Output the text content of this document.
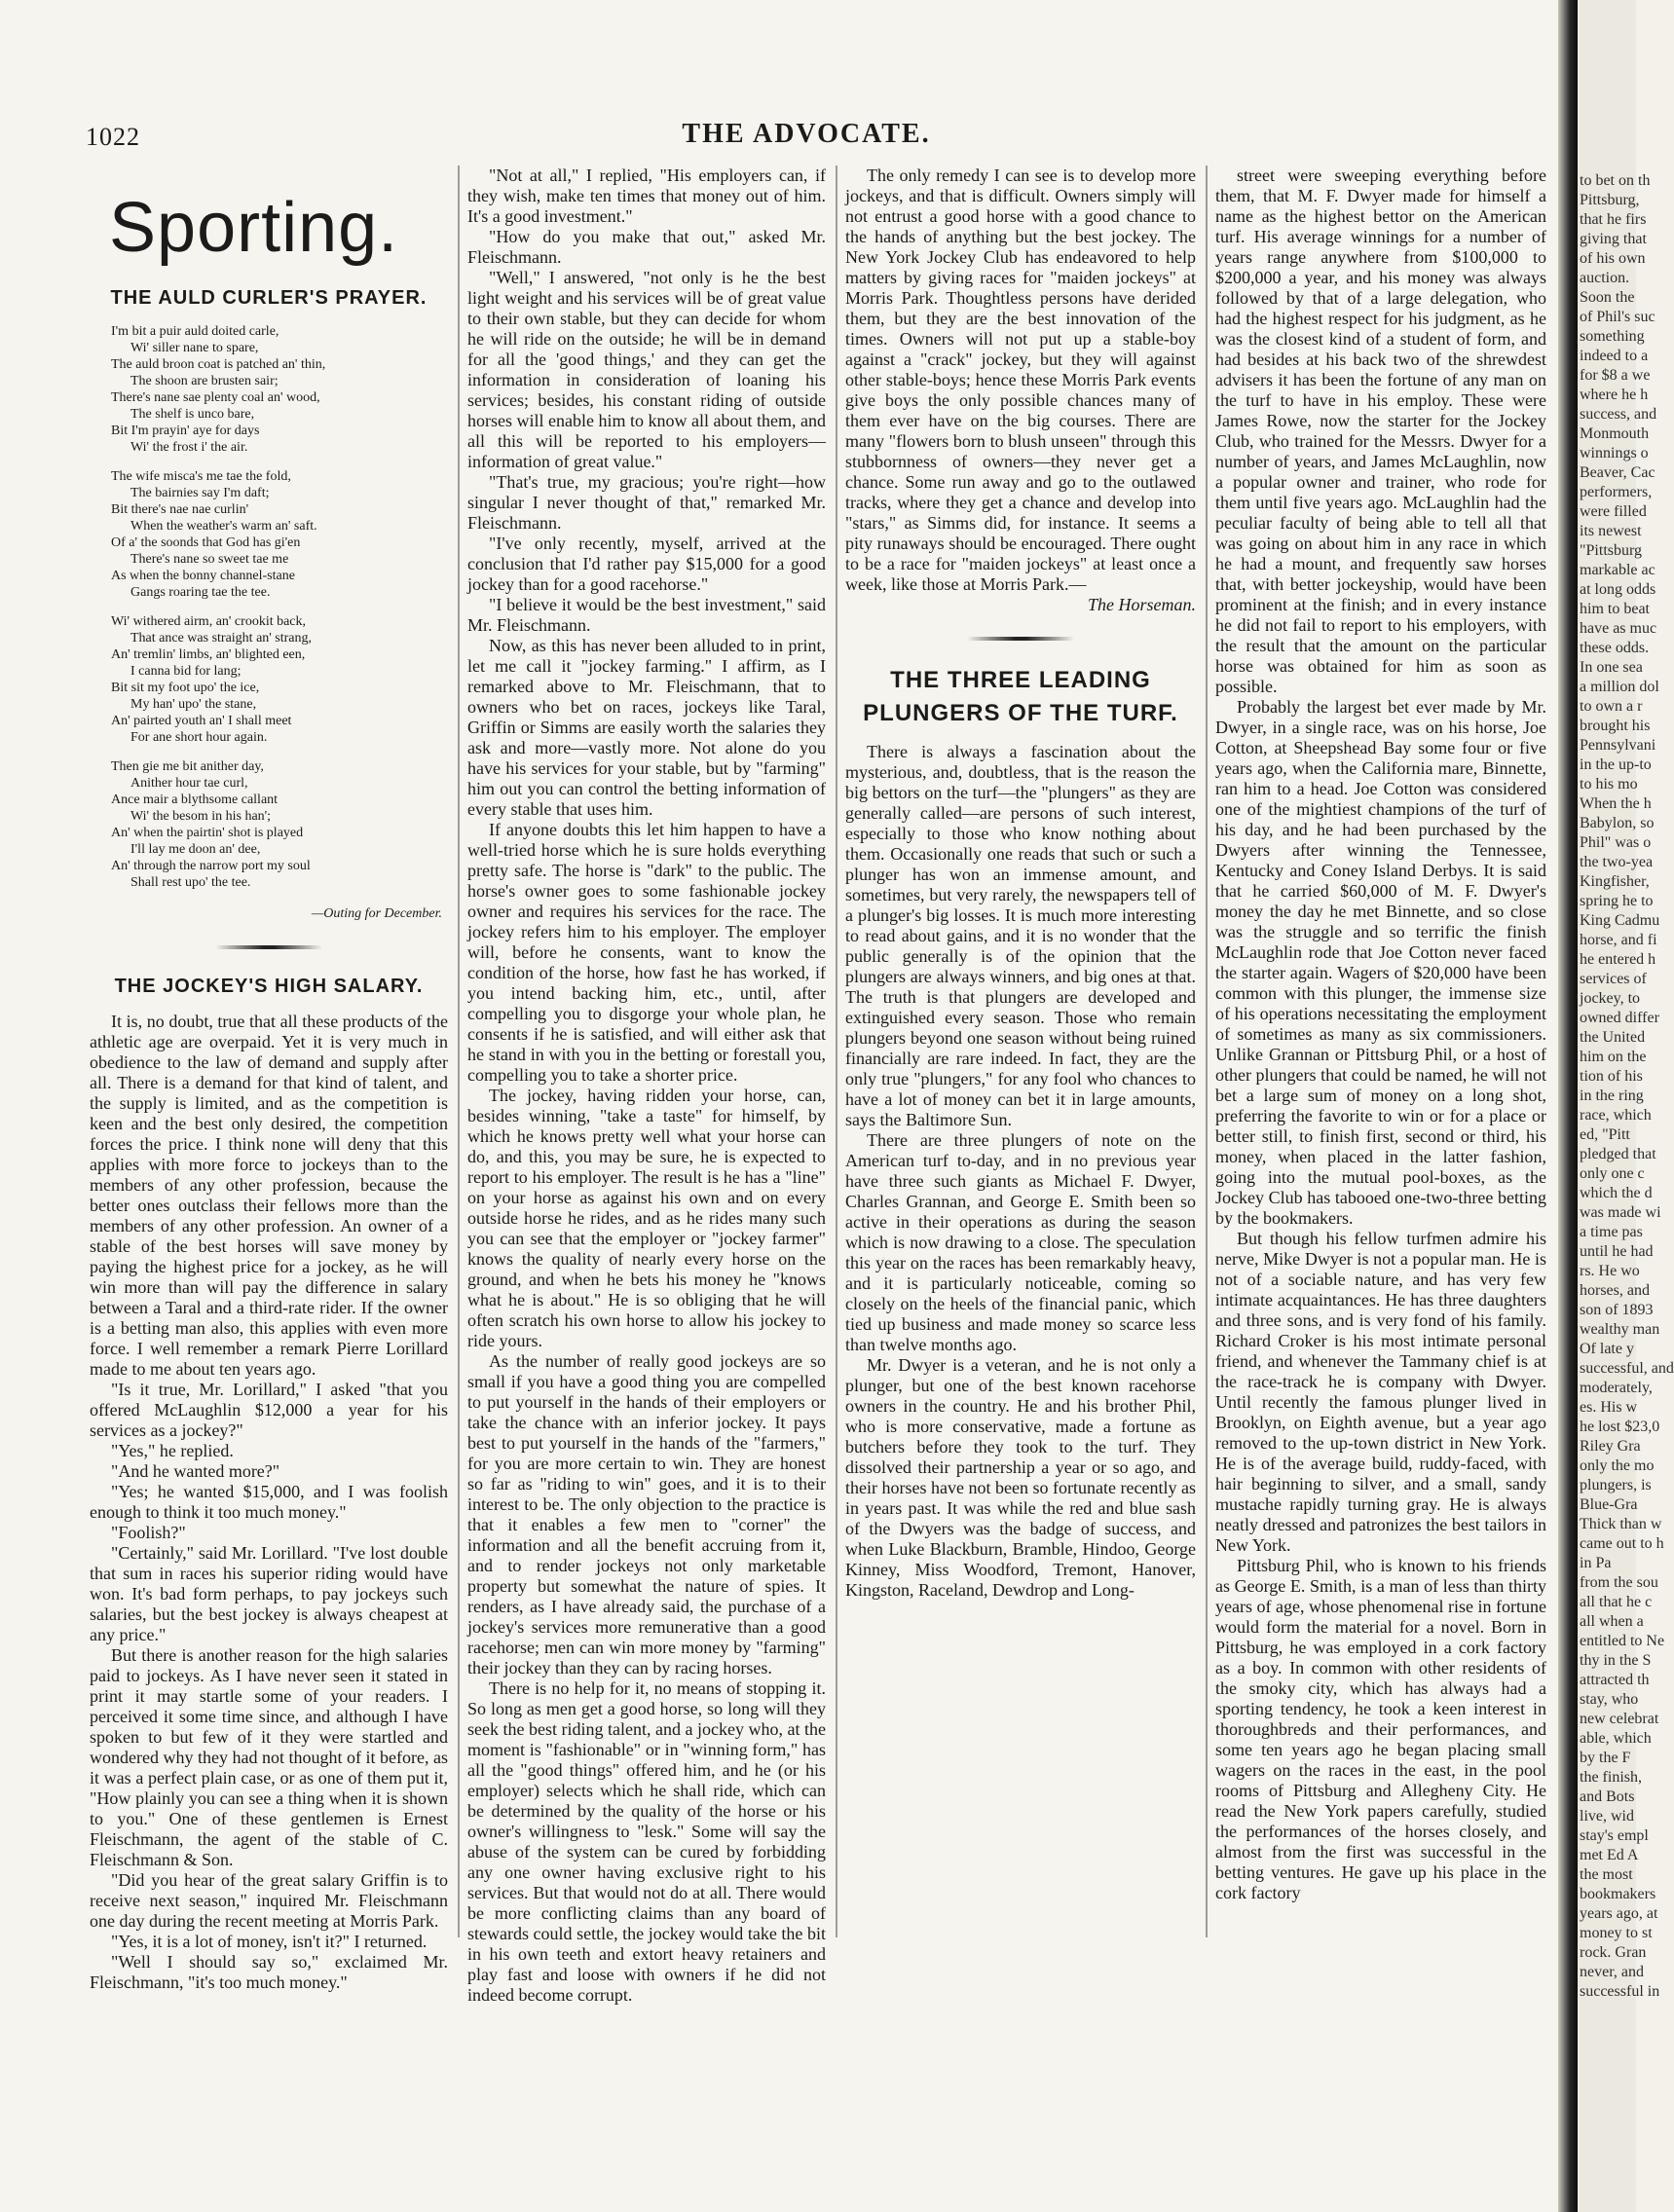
1022	THE ADVOCATE.
Sporting.
THE AULD CURLER'S PRAYER.
I'm bit a puir auld doited carle,
Wi' siller nane to spare,
The auld broon coat is patched an' thin,
The shoon are brusten sair;
There's nane sae plenty coal an' wood,
The shelf is unco bare,
Bit I'm prayin' aye for days
Wi' the frost i' the air.
The wife misca's me tae the fold,
The bairnies say I'm daft;
Bit there's nae nae curlin'
When the weather's warm an' saft.
Of a' the soonds that God has gi'en
There's nane so sweet tae me
As when the bonny channel-stane
Gangs roaring tae the tee.
Wi' withered airm, an' crookit back,
That ance was straight an' strang,
An' tremlin' limbs, an' blighted een,
I canna bid for lang;
Bit sit my foot upo' the ice,
My han' upo' the stane,
An' pairted youth an' I shall meet
For ane short hour again.
Then gie me bit anither day,
Anither hour tae curl,
Ance mair a blythsome callant
Wi' the besom in his han';
An' when the pairtin' shot is played
I'll lay me doon an' dee,
An' through the narrow port my soul
Shall rest upo' the tee.
—Outing for December.
THE JOCKEY'S HIGH SALARY.

It is, no doubt, true that all these products of the athletic age are overpaid. Yet it is very much in obedience to the law of demand and supply after all. There is a demand for that kind of talent, and the supply is limited, and as the competition is keen and the best only desired, the competition forces the price. I think none will deny that this applies with more force to jockeys than to the members of any other profession, because the better ones outclass their fellows more than the members of any other profession. An owner of a stable of the best horses will save money by paying the highest price for a jockey, as he will win more than will pay the difference in salary between a Taral and a third-rate rider. If the owner is a betting man also, this applies with even more force. I well remember a remark Pierre Lorillard made to me about ten years ago.

"Is it true, Mr. Lorillard," I asked "that you offered McLaughlin $12,000 a year for his services as a jockey?"

"Yes," he replied.

"And he wanted more?"

"Yes; he wanted $15,000, and I was foolish enough to think it too much money."

"Foolish?"

"Certainly," said Mr. Lorillard. "I've lost double that sum in races his superior riding would have won. It's bad form perhaps, to pay jockeys such salaries, but the best jockey is always cheapest at any price."

But there is another reason for the high salaries paid to jockeys. As I have never seen it stated in print it may startle some of your readers. I perceived it some time since, and although I have spoken to but few of it they were startled and wondered why they had not thought of it before, as it was a perfect plain case, or as one of them put it, "How plainly you can see a thing when it is shown to you." One of these gentlemen is Ernest Fleischmann, the agent of the stable of C. Fleischmann & Son.

"Did you hear of the great salary Griffin is to receive next season," inquired Mr. Fleischmann one day during the recent meeting at Morris Park.

"Yes, it is a lot of money, isn't it?" I returned.

"Well I should say so," exclaimed Mr. Fleischmann, "it's too much money."

"Not at all," I replied, "His employers can, if they wish, make ten times that money out of him. It's a good investment."

"How do you make that out," asked Mr. Fleischmann.

"Well," I answered, "not only is he the best light weight and his services will be of great value to their own stable, but they can decide for whom he will ride on the outside; he will be in demand for all the 'good things,' and they can get the information in consideration of loaning his services; besides, his constant riding of outside horses will enable him to know all about them, and all this will be reported to his employers—information of great value."

"That's true, my gracious; you're right—how singular I never thought of that," remarked Mr. Fleischmann.

"I've only recently, myself, arrived at the conclusion that I'd rather pay $15,000 for a good jockey than for a good racehorse."

"I believe it would be the best investment," said Mr. Fleischmann.

Now, as this has never been alluded to in print, let me call it "jockey farming." I affirm, as I remarked above to Mr. Fleischmann, that to owners who bet on races, jockeys like Taral, Griffin or Simms are easily worth the salaries they ask and more—vastly more. Not alone do you have his services for your stable, but by "farming" him out you can control the betting information of every stable that uses him.

If anyone doubts this let him happen to have a well-tried horse which he is sure holds everything pretty safe. The horse is "dark" to the public. The horse's owner goes to some fashionable jockey owner and requires his services for the race. The jockey refers him to his employer. The employer will, before he consents, want to know the condition of the horse, how fast he has worked, if you intend backing him, etc., until, after compelling you to disgorge your whole plan, he consents if he is satisfied, and will either ask that he stand in with you in the betting or forestall you, compelling you to take a shorter price.

The jockey, having ridden your horse, can, besides winning, "take a taste" for himself, by which he knows pretty well what your horse can do, and this, you may be sure, he is expected to report to his employer. The result is he has a "line" on your horse as against his own and on every outside horse he rides, and as he rides many such you can see that the employer or "jockey farmer" knows the quality of nearly every horse on the ground, and when he bets his money he "knows what he is about." He is so obliging that he will often scratch his own horse to allow his jockey to ride yours.

As the number of really good jockeys are so small if you have a good thing you are compelled to put yourself in the hands of their employers or take the chance with an inferior jockey. It pays best to put yourself in the hands of the "farmers," for you are more certain to win. They are honest so far as "riding to win" goes, and it is to their interest to be. The only objection to the practice is that it enables a few men to "corner" the information and all the benefit accruing from it, and to render jockeys not only marketable property but somewhat the nature of spies. It renders, as I have already said, the purchase of a jockey's services more remunerative than a good racehorse; men can win more money by "farming" their jockey than they can by racing horses.

There is no help for it, no means of stopping it. So long as men get a good horse, so long will they seek the best riding talent, and a jockey who, at the moment is "fashionable" or in "winning form," has all the "good things" offered him, and he (or his employer) selects which he shall ride, which can be determined by the quality of the horse or his owner's willingness to "lesk." Some will say the abuse of the system can be cured by forbidding any one owner having exclusive right to his services. But that would not do at all. There would be more conflicting claims than any board of stewards could settle, the jockey would take the bit in his own teeth and extort heavy retainers and play fast and loose with owners if he did not indeed become corrupt.

The only remedy I can see is to develop more jockeys, and that is difficult. Owners simply will not entrust a good horse with a good chance to the hands of anything but the best jockey. The New York Jockey Club has endeavored to help matters by giving races for "maiden jockeys" at Morris Park. Thoughtless persons have derided them, but they are the best innovation of the times. Owners will not put up a stable-boy against a "crack" jockey, but they will against other stable-boys; hence these Morris Park events give boys the only possible chances many of them ever have on the big courses. There are many "flowers born to blush unseen" through this stubbornness of owners—they never get a chance. Some run away and go to the outlawed tracks, where they get a chance and develop into "stars," as Simms did, for instance. It seems a pity runaways should be encouraged. There ought to be a race for "maiden jockeys" at least once a week, like those at Morris Park.—

The Horseman.

THE THREE LEADING PLUNGERS OF THE TURF.

There is always a fascination about the mysterious, and, doubtless, that is the reason the big bettors on the turf—the "plungers" as they are generally called—are persons of such interest, especially to those who know nothing about them. Occasionally one reads that such or such a plunger has won an immense amount, and sometimes, but very rarely, the newspapers tell of a plunger's big losses. It is much more interesting to read about gains, and it is no wonder that the public generally is of the opinion that the plungers are always winners, and big ones at that. The truth is that plungers are developed and extinguished every season. Those who remain plungers beyond one season without being ruined financially are rare indeed. In fact, they are the only true "plungers," for any fool who chances to have a lot of money can bet it in large amounts, says the Baltimore Sun.

There are three plungers of note on the American turf to-day, and in no previous year have three such giants as Michael F. Dwyer, Charles Grannan, and George E. Smith been so active in their operations as during the season which is now drawing to a close. The speculation this year on the races has been remarkably heavy, and it is particularly noticeable, coming so closely on the heels of the financial panic, which tied up business and made money so scarce less than twelve months ago.

Mr. Dwyer is a veteran, and he is not only a plunger, but one of the best known racehorse owners in the country. He and his brother Phil, who is more conservative, made a fortune as butchers before they took to the turf. They dissolved their partnership a year or so ago, and their horses have not been so fortunate recently as in years past. It was while the red and blue sash of the Dwyers was the badge of success, and when Luke Blackburn, Bramble, Hindoo, George Kinney, Miss Woodford, Tremont, Hanover, Kingston, Raceland, Dewdrop and Long-

street were sweeping everything before them, that M. F. Dwyer made for himself a name as the highest bettor on the American turf. His average winnings for a number of years range anywhere from $100,000 to $200,000 a year, and his money was always followed by that of a large delegation, who had the highest respect for his judgment, as he was the closest kind of a student of form, and had besides at his back two of the shrewdest advisers it has been the fortune of any man on the turf to have in his employ. These were James Rowe, now the starter for the Jockey Club, who trained for the Messrs. Dwyer for a number of years, and James McLaughlin, now a popular owner and trainer, who rode for them until five years ago. McLaughlin had the peculiar faculty of being able to tell all that was going on about him in any race in which he had a mount, and frequently saw horses that, with better jockeyship, would have been prominent at the finish; and in every instance he did not fail to report to his employers, with the result that the amount on the particular horse was obtained for him as soon as possible.

Probably the largest bet ever made by Mr. Dwyer, in a single race, was on his horse, Joe Cotton, at Sheepshead Bay some four or five years ago, when the California mare, Binnette, ran him to a head. Joe Cotton was considered one of the mightiest champions of the turf of his day, and he had been purchased by the Dwyers after winning the Tennessee, Kentucky and Coney Island Derbys. It is said that he carried $60,000 of M. F. Dwyer's money the day he met Binnette, and so close was the struggle and so terrific the finish McLaughlin rode that Joe Cotton never faced the starter again. Wagers of $20,000 have been common with this plunger, the immense size of his operations necessitating the employment of sometimes as many as six commissioners. Unlike Grannan or Pittsburg Phil, or a host of other plungers that could be named, he will not bet a large sum of money on a long shot, preferring the favorite to win or for a place or better still, to finish first, second or third, his money, when placed in the latter fashion, going into the mutual pool-boxes, as the Jockey Club has tabooed one-two-three betting by the bookmakers.

But though his fellow turfmen admire his nerve, Mike Dwyer is not a popular man. He is not of a sociable nature, and has very few intimate acquaintances. He has three daughters and three sons, and is very fond of his family. Richard Croker is his most intimate personal friend, and whenever the Tammany chief is at the race-track he is company with Dwyer. Until recently the famous plunger lived in Brooklyn, on Eighth avenue, but a year ago removed to the up-town district in New York. He is of the average build, ruddy-faced, with hair beginning to silver, and a small, sandy mustache rapidly turning gray. He is always neatly dressed and patronizes the best tailors in New York.

Pittsburg Phil, who is known to his friends as George E. Smith, is a man of less than thirty years of age, whose phenomenal rise in fortune would form the material for a novel. Born in Pittsburg, he was employed in a cork factory as a boy. In common with other residents of the smoky city, which has always had a sporting tendency, he took a keen interest in thoroughbreds and their performances, and some ten years ago he began placing small wagers on the races in the east, in the pool rooms of Pittsburg and Allegheny City. He read the New York papers carefully, studied the performances of the horses closely, and almost from the first was successful in the betting ventures. He gave up his place in the cork factory

to bet on th
Pittsburg,
that he firs
giving that
of his own
auction.
Soon the
of Phil's suc
something
indeed to a
for $8 a we
where he h
success, and
Monmouth
winnings o
Beaver, Cac
performers,
were filled
its newest
"Pittsburg
markable ac
at long odds
him to beat
have as muc
these odds.
In one sea
a million dol
to own a r
brought his
Pennsylvani
in the up-to
to his mo
When the h
Babylon, so
Phil" was o
the two-yea
Kingfisher,
spring he to
King Cadmu
horse, and fi
he entered h
services of
jockey, to
owned differ
the United
him on the
tion of his
in the ring
race, which
ed, "Pitt
pledged that
only one c
which the d
was made wi
a time pas
until he had
rs. He wo
horses, and
son of 1893
wealthy man
Of late y
successful, and
moderately,
es. His w
he lost $23,0
Riley Gra
only the mo
plungers, is
Blue-Gra
Thick than w
came out to h
in Pa
from the sou
all that he c
all when a
entitled to Ne
thy in the S
attracted th
stay, who
new celebrat
able, which
by the F
the finish,
and Bots
live, wid
stay's empl
met Ed A
the most
bookmakers
years ago, at
money to st
rock. Gran
never, and
successful in
